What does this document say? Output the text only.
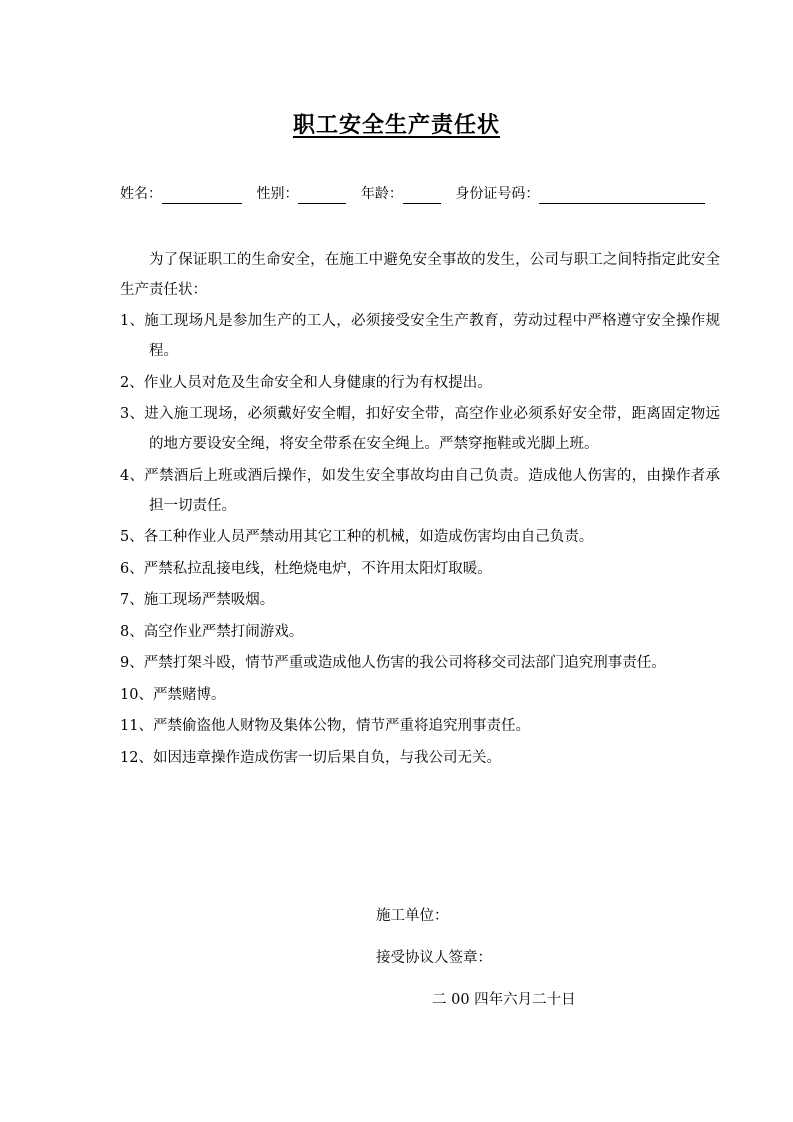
职工安全生产责任状
姓名：	性别：	年龄：	身份证号码：
为了保证职工的生命安全，在施工中避免安全事故的发生，公司与职工之间特指定此安全生产责任状：
1、施工现场凡是参加生产的工人，必须接受安全生产教育，劳动过程中严格遵守安全操作规程。
2、作业人员对危及生命安全和人身健康的行为有权提出。
3、进入施工现场，必须戴好安全帽，扣好安全带，高空作业必须系好安全带，距离固定物远的地方要设安全绳，将安全带系在安全绳上。严禁穿拖鞋或光脚上班。
4、严禁酒后上班或酒后操作，如发生安全事故均由自己负责。造成他人伤害的，由操作者承担一切责任。
5、各工种作业人员严禁动用其它工种的机械，如造成伤害均由自己负责。
6、严禁私拉乱接电线，杜绝烧电炉，不许用太阳灯取暖。
7、施工现场严禁吸烟。
8、高空作业严禁打闹游戏。
9、严禁打架斗殴，情节严重或造成他人伤害的我公司将移交司法部门追究刑事责任。
10、严禁赌博。
11、严禁偷盗他人财物及集体公物，情节严重将追究刑事责任。
12、如因违章操作造成伤害一切后果自负，与我公司无关。
施工单位：
接受协议人签章：
二 00 四年六月二十日
